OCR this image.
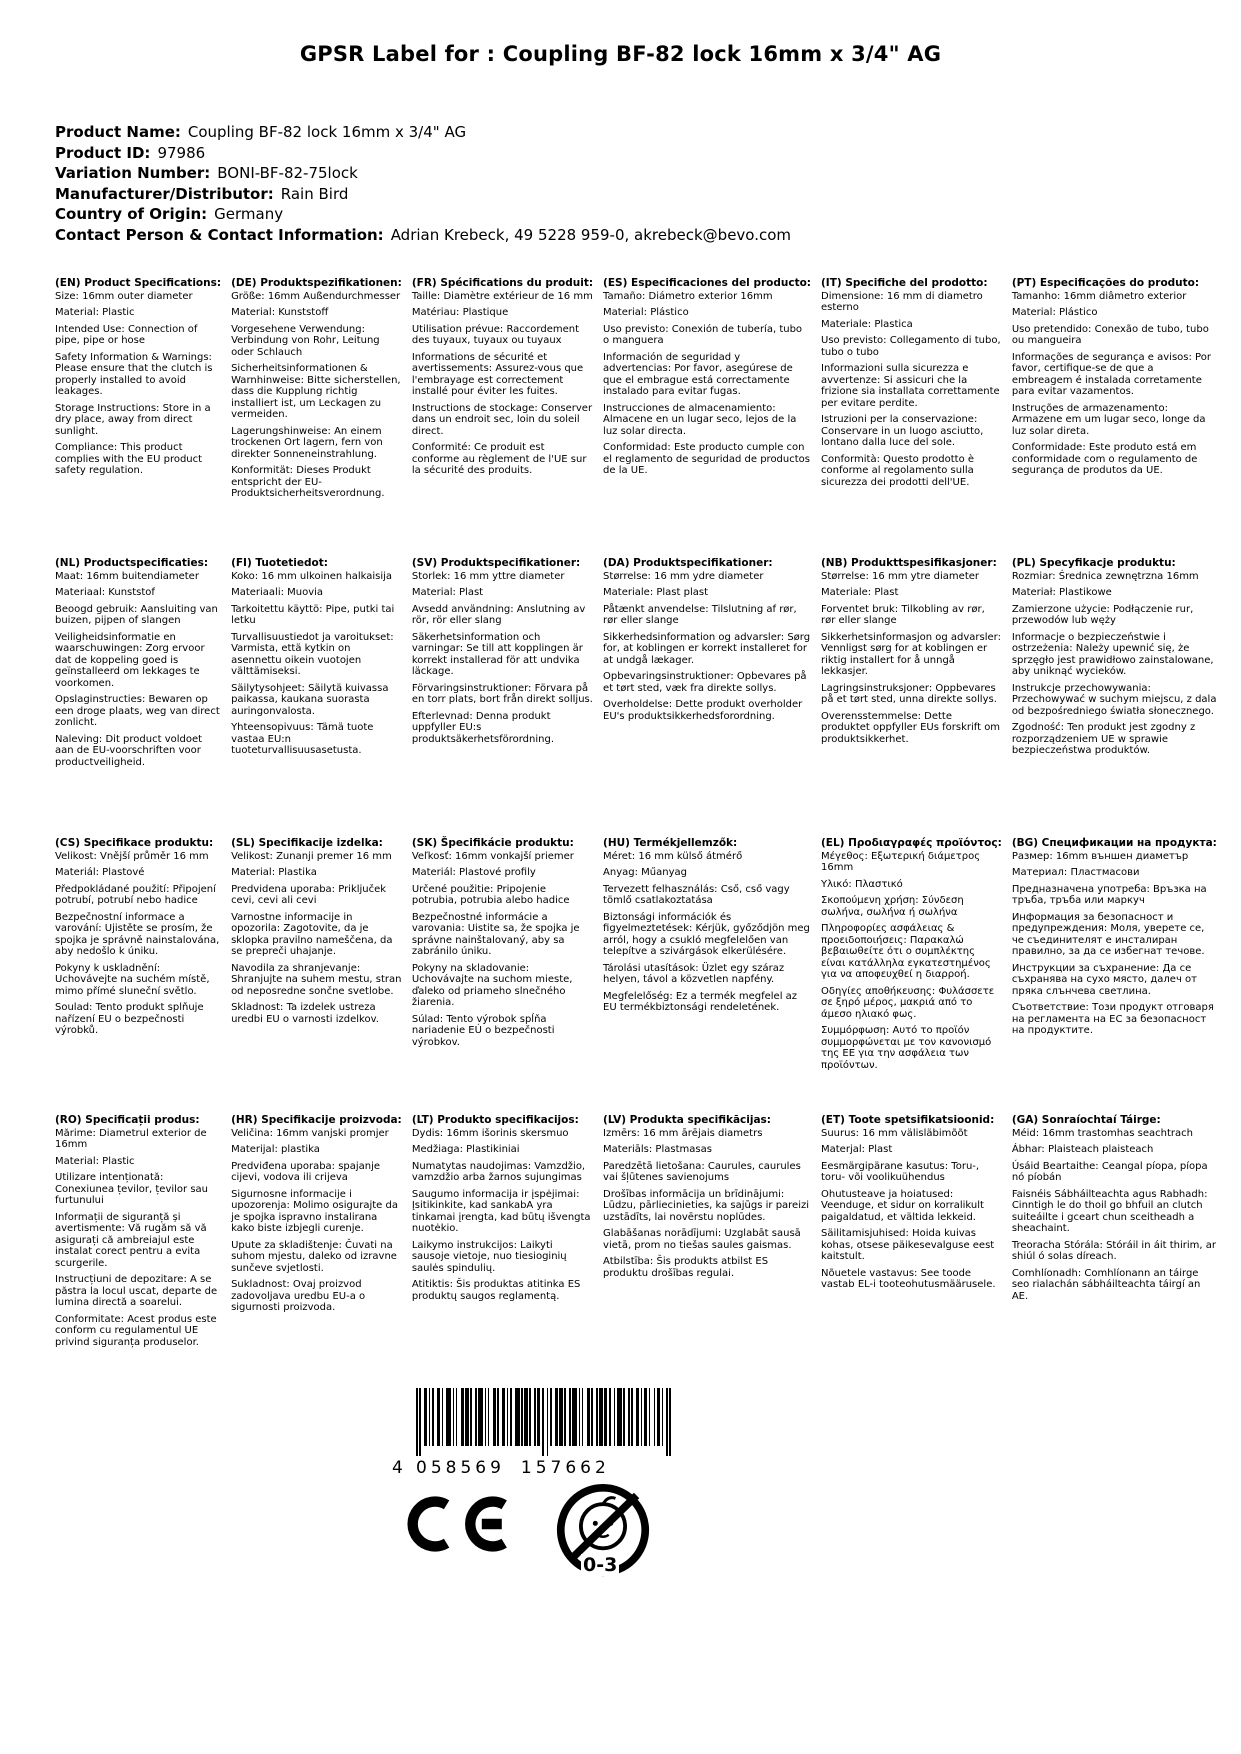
GPSR Label for : Coupling BF-82 lock 16mm x 3/4" AG
Product Name: Coupling BF-82 lock 16mm x 3/4" AG
Product ID: 97986
Variation Number: BONI-BF-82-75lock
Manufacturer/Distributor: Rain Bird
Country of Origin: Germany
Contact Person & Contact Information: Adrian Krebeck, 49 5228 959-0, akrebeck@bevo.com
(EN) Product Specifications:

Size: 16mm outer diameter

Material: Plastic

Intended Use: Connection of pipe, pipe or hose

Safety Information & Warnings: Please ensure that the clutch is properly installed to avoid leakages.

Storage Instructions: Store in a dry place, away from direct sunlight.

Compliance: This product complies with the EU product safety regulation.

(DE) Produktspezifikationen:

Größe: 16mm Außendurchmesser

Material: Kunststoff

Vorgesehene Verwendung: Verbindung von Rohr, Leitung oder Schlauch

Sicherheitsinformationen & Warnhinweise: Bitte sicherstellen, dass die Kupplung richtig installiert ist, um Leckagen zu vermeiden.

Lagerungshinweise: An einem trockenen Ort lagern, fern von direkter Sonneneinstrahlung.

Konformität: Dieses Produkt entspricht der EU-Produktsicherheitsverordnung.

(FR) Spécifications du produit:

Taille: Diamètre extérieur de 16 mm

Matériau: Plastique

Utilisation prévue: Raccordement des tuyaux, tuyaux ou tuyaux

Informations de sécurité et avertissements: Assurez-vous que l'embrayage est correctement installé pour éviter les fuites.

Instructions de stockage: Conserver dans un endroit sec, loin du soleil direct.

Conformité: Ce produit est conforme au règlement de l'UE sur la sécurité des produits.

(ES) Especificaciones del producto:

Tamaño: Diámetro exterior 16mm

Material: Plástico

Uso previsto: Conexión de tubería, tubo o manguera

Información de seguridad y advertencias: Por favor, asegúrese de que el embrague está correctamente instalado para evitar fugas.

Instrucciones de almacenamiento: Almacene en un lugar seco, lejos de la luz solar directa.

Conformidad: Este producto cumple con el reglamento de seguridad de productos de la UE.

(IT) Specifiche del prodotto:

Dimensione: 16 mm di diametro esterno

Materiale: Plastica

Uso previsto: Collegamento di tubo, tubo o tubo

Informazioni sulla sicurezza e avvertenze: Si assicuri che la frizione sia installata correttamente per evitare perdite.

Istruzioni per la conservazione: Conservare in un luogo asciutto, lontano dalla luce del sole.

Conformità: Questo prodotto è conforme al regolamento sulla sicurezza dei prodotti dell'UE.

(PT) Especificações do produto:

Tamanho: 16mm diâmetro exterior

Material: Plástico

Uso pretendido: Conexão de tubo, tubo ou mangueira

Informações de segurança e avisos: Por favor, certifique-se de que a embreagem é instalada corretamente para evitar vazamentos.

Instruções de armazenamento: Armazene em um lugar seco, longe da luz solar direta.

Conformidade: Este produto está em conformidade com o regulamento de segurança de produtos da UE.

(NL) Productspecificaties:

Maat: 16mm buitendiameter

Materiaal: Kunststof

Beoogd gebruik: Aansluiting van buizen, pijpen of slangen

Veiligheidsinformatie en waarschuwingen: Zorg ervoor dat de koppeling goed is geïnstalleerd om lekkages te voorkomen.

Opslaginstructies: Bewaren op een droge plaats, weg van direct zonlicht.

Naleving: Dit product voldoet aan de EU-voorschriften voor productveiligheid.

(FI) Tuotetiedot:

Koko: 16 mm ulkoinen halkaisija

Materiaali: Muovia

Tarkoitettu käyttö: Pipe, putki tai letku

Turvallisuustiedot ja varoitukset: Varmista, että kytkin on asennettu oikein vuotojen välttämiseksi.

Säilytysohjeet: Säilytä kuivassa paikassa, kaukana suorasta auringonvalosta.

Yhteensopivuus: Tämä tuote vastaa EU:n tuoteturvallisuusasetusta.

(SV) Produktspecifikationer:

Storlek: 16 mm yttre diameter

Material: Plast

Avsedd användning: Anslutning av rör, rör eller slang

Säkerhetsinformation och varningar: Se till att kopplingen är korrekt installerad för att undvika läckage.

Förvaringsinstruktioner: Förvara på en torr plats, bort från direkt solljus.

Efterlevnad: Denna produkt uppfyller EU:s produktsäkerhetsförordning.

(DA) Produktspecifikationer:

Størrelse: 16 mm ydre diameter

Materiale: Plast plast

Påtænkt anvendelse: Tilslutning af rør, rør eller slange

Sikkerhedsinformation og advarsler: Sørg for, at koblingen er korrekt installeret for at undgå lækager.

Opbevaringsinstruktioner: Opbevares på et tørt sted, væk fra direkte sollys.

Overholdelse: Dette produkt overholder EU's produktsikkerhedsforordning.

(NB) Produkttspesifikasjoner:

Størrelse: 16 mm ytre diameter

Materiale: Plast

Forventet bruk: Tilkobling av rør, rør eller slange

Sikkerhetsinformasjon og advarsler: Vennligst sørg for at koblingen er riktig installert for å unngå lekkasjer.

Lagringsinstruksjoner: Oppbevares på et tørt sted, unna direkte sollys.

Overensstemmelse: Dette produktet oppfyller EUs forskrift om produktsikkerhet.

(PL) Specyfikacje produktu:

Rozmiar: Średnica zewnętrzna 16mm

Materiał: Plastikowe

Zamierzone użycie: Podłączenie rur, przewodów lub węży

Informacje o bezpieczeństwie i ostrzeżenia: Należy upewnić się, że sprzęgło jest prawidłowo zainstalowane, aby uniknąć wycieków.

Instrukcje przechowywania: Przechowywać w suchym miejscu, z dala od bezpośredniego światła słonecznego.

Zgodność: Ten produkt jest zgodny z rozporządzeniem UE w sprawie bezpieczeństwa produktów.

(CS) Specifikace produktu:

Velikost: Vnější průměr 16 mm

Materiál: Plastové

Předpokládané použití: Připojení potrubí, potrubí nebo hadice

Bezpečnostní informace a varování: Ujistěte se prosím, že spojka je správně nainstalována, aby nedošlo k úniku.

Pokyny k uskladnění: Uchovávejte na suchém místě, mimo přímé sluneční světlo.

Soulad: Tento produkt splňuje nařízení EU o bezpečnosti výrobků.

(SL) Specifikacije izdelka:

Velikost: Zunanji premer 16 mm

Material: Plastika

Predvidena uporaba: Priključek cevi, cevi ali cevi

Varnostne informacije in opozorila: Zagotovite, da je sklopka pravilno nameščena, da se prepreči uhajanje.

Navodila za shranjevanje: Shranjujte na suhem mestu, stran od neposredne sončne svetlobe.

Skladnost: Ta izdelek ustreza uredbi EU o varnosti izdelkov.

(SK) Špecifikácie produktu:

Veľkosť: 16mm vonkajší priemer

Materiál: Plastové profily

Určené použitie: Pripojenie potrubia, potrubia alebo hadice

Bezpečnostné informácie a varovania: Uistite sa, že spojka je správne nainštalovaný, aby sa zabránilo úniku.

Pokyny na skladovanie: Uchovávajte na suchom mieste, ďaleko od priameho slnečného žiarenia.

Súlad: Tento výrobok spĺňa nariadenie EÚ o bezpečnosti výrobkov.

(HU) Termékjellemzők:

Méret: 16 mm külső átmérő

Anyag: Műanyag

Tervezett felhasználás: Cső, cső vagy tömlő csatlakoztatása

Biztonsági információk és figyelmeztetések: Kérjük, győződjön meg arról, hogy a csukló megfelelően van telepítve a szivárgások elkerülésére.

Tárolási utasítások: Üzlet egy száraz helyen, távol a közvetlen napfény.

Megfelelőség: Ez a termék megfelel az EU termékbiztonsági rendeletének.

(EL) Προδιαγραφές προϊόντος:

Μέγεθος: Εξωτερική διάμετρος 16mm

Υλικό: Πλαστικό

Σκοπούμενη χρήση: Σύνδεση σωλήνα, σωλήνα ή σωλήνα

Πληροφορίες ασφάλειας & προειδοποιήσεις: Παρακαλώ βεβαιωθείτε ότι ο συμπλέκτης είναι κατάλληλα εγκατεστημένος για να αποφευχθεί η διαρροή.

Οδηγίες αποθήκευσης: Φυλάσσετε σε ξηρό μέρος, μακριά από το άμεσο ηλιακό φως.

Συμμόρφωση: Αυτό το προϊόν συμμορφώνεται με τον κανονισμό της ΕΕ για την ασφάλεια των προϊόντων.

(BG) Спецификации на продукта:

Размер: 16mm външен диаметър

Материал: Пластмасови

Предназначена употреба: Връзка на тръба, тръба или маркуч

Информация за безопасност и предупреждения: Моля, уверете се, че съединителят е инсталиран правилно, за да се избегнат течове.

Инструкции за съхранение: Да се съхранява на сухо място, далеч от пряка слънчева светлина.

Съответствие: Този продукт отговаря на регламента на ЕС за безопасност на продуктите.

(RO) Specificații produs:

Mărime: Diametrul exterior de 16mm

Material: Plastic

Utilizare intenționată: Conexiunea țevilor, țevilor sau furtunului

Informații de siguranță și avertismente: Vă rugăm să vă asigurați că ambreiajul este instalat corect pentru a evita scurgerile.

Instrucțiuni de depozitare: A se păstra la locul uscat, departe de lumina directă a soarelui.

Conformitate: Acest produs este conform cu regulamentul UE privind siguranța produselor.

(HR) Specifikacije proizvoda:

Veličina: 16mm vanjski promjer

Materijal: plastika

Predviđena uporaba: spajanje cijevi, vodova ili crijeva

Sigurnosne informacije i upozorenja: Molimo osigurajte da je spojka ispravno instalirana kako biste izbjegli curenje.

Upute za skladištenje: Čuvati na suhom mjestu, daleko od izravne sunčeve svjetlosti.

Sukladnost: Ovaj proizvod zadovoljava uredbu EU-a o sigurnosti proizvoda.

(LT) Produkto specifikacijos:

Dydis: 16mm išorinis skersmuo

Medžiaga: Plastikiniai

Numatytas naudojimas: Vamzdžio, vamzdžio arba žarnos sujungimas

Saugumo informacija ir įspėjimai: Įsitikinkite, kad sankabA yra tinkamai įrengta, kad būtų išvengta nuotėkio.

Laikymo instrukcijos: Laikyti sausoje vietoje, nuo tiesioginių saulės spindulių.

Atitiktis: Šis produktas atitinka ES produktų saugos reglamentą.

(LV) Produkta specifikācijas:

Izmērs: 16 mm ārējais diametrs

Materiāls: Plastmasas

Paredzētā lietošana: Caurules, caurules vai šļūtenes savienojums

Drošības informācija un brīdinājumi: Lūdzu, pārliecinieties, ka sajūgs ir pareizi uzstādīts, lai novērstu noplūdes.

Glabāšanas norādījumi: Uzglabāt sausā vietā, prom no tiešas saules gaismas.

Atbilstība: Šis produkts atbilst ES produktu drošības regulai.

(ET) Toote spetsifikatsioonid:

Suurus: 16 mm välisläbimõõt

Materjal: Plast

Eesmärgipärane kasutus: Toru-, toru- või voolikuühendus

Ohutusteave ja hoiatused: Veenduge, et sidur on korralikult paigaldatud, et vältida lekkeid.

Säilitamisjuhised: Hoida kuivas kohas, otsese päikesevalguse eest kaitstult.

Nõuetele vastavus: See toode vastab EL-i tooteohutusmäärusele.

(GA) Sonraíochtaí Táirge:

Méid: 16mm trastomhas seachtrach

Ábhar: Plaisteach plaisteach

Úsáid Beartaithe: Ceangal píopa, píopa nó píobán

Faisnéis Sábháilteachta agus Rabhadh: Cinntigh le do thoil go bhfuil an clutch suiteáilte i gceart chun sceitheadh a sheachaint.

Treoracha Stórála: Stóráil in áit thirim, ar shiúl ó solas díreach.

Comhlíonadh: Comhlíonann an táirge seo rialachán sábháilteachta táirgí an AE.

4 058569 157662
0-3
